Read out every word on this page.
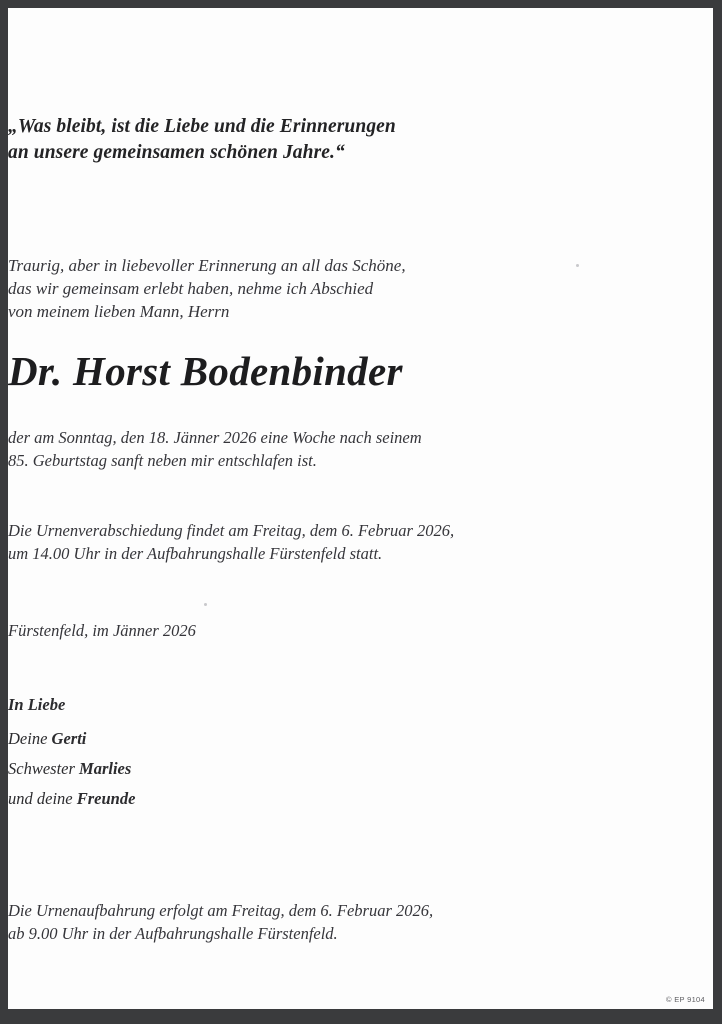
„Was bleibt, ist die Liebe und die Erinnerungen
an unsere gemeinsamen schönen Jahre.“
Traurig, aber in liebevoller Erinnerung an all das Schöne,
das wir gemeinsam erlebt haben, nehme ich Abschied
von meinem lieben Mann, Herrn
Dr. Horst Bodenbinder
der am Sonntag, den 18. Jänner 2026 eine Woche nach seinem
85. Geburtstag sanft neben mir entschlafen ist.
Die Urnenverabschiedung findet am Freitag, dem 6. Februar 2026,
um 14.00 Uhr in der Aufbahrungshalle Fürstenfeld statt.
Fürstenfeld, im Jänner 2026
In Liebe
Deine Gerti
Schwester Marlies
und deine Freunde
Die Urnenaufbahrung erfolgt am Freitag, dem 6. Februar 2026,
ab 9.00 Uhr in der Aufbahrungshalle Fürstenfeld.
© EP 9104
